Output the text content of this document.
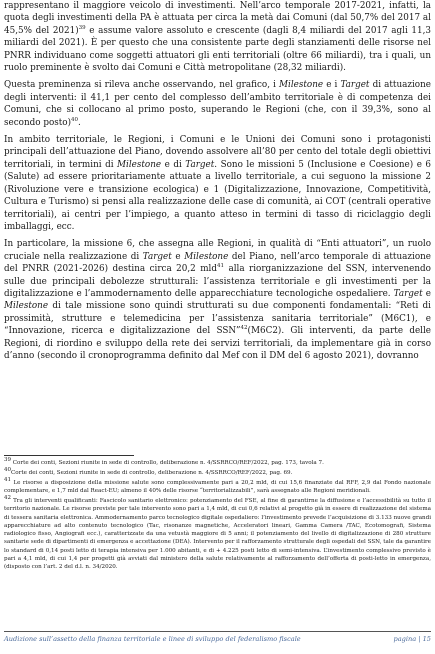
rappresentano il maggiore veicolo di investimenti. Nell’arco temporale 2017-2021, infatti, la quota degli investimenti della PA è attuata per circa la metà dai Comuni (dal 50,7% del 2017 al 45,5% del 2021)$^{39}$ e assume valore assoluto e crescente (dagli 8,4 miliardi del 2017 agli 11,3 miliardi del 2021). È per questo che una consistente parte degli stanziamenti delle risorse nel PNRR individuano come soggetti attuatori gli enti territoriali (oltre 66 miliardi), tra i quali, un ruolo preminente è svolto dai Comuni e Città metropolitane (28,32 miliardi).

Questa preminenza si rileva anche osservando, nel grafico, i Milestone e i Target di attuazione degli interventi: il 41,1 per cento del complesso dell’ambito territoriale è di competenza dei Comuni, che si collocano al primo posto, superando le Regioni (che, con il 39,3%, sono al secondo posto)$^{40}$.

In ambito territoriale, le Regioni, i Comuni e le Unioni dei Comuni sono i protagonisti principali dell’attuazione del Piano, dovendo assolvere all’80 per cento del totale degli obiettivi territoriali, in termini di Milestone e di Target. Sono le missioni 5 (Inclusione e Coesione) e 6 (Salute) ad essere prioritariamente attuate a livello territoriale, a cui seguono la missione 2 (Rivoluzione vere e transizione ecologica) e 1 (Digitalizzazione, Innovazione, Competitività, Cultura e Turismo) si pensi alla realizzazione delle case di comunità, ai COT (centrali operative territoriali), ai centri per l’impiego, a quanto atteso in termini di tasso di riciclaggio degli imballaggi, ecc.

In particolare, la missione 6, che assegna alle Regioni, in qualità di “Enti attuatori”, un ruolo cruciale nella realizzazione di Target e Milestone del Piano, nell’arco temporale di attuazione del PNRR (2021-2026) destina circa 20,2 mld$^{41}$ alla riorganizzazione del SSN, intervenendo sulle due principali debolezze strutturali: l’assistenza territoriale e gli investimenti per la digitalizzazione e l’ammodernamento delle apparecchiature tecnologiche ospedaliere. Target e Milestone di tale missione sono quindi strutturati su due componenti fondamentali: “Reti di prossimità, strutture e telemedicina per l’assistenza sanitaria territoriale” (M6C1), e “Innovazione, ricerca e digitalizzazione del SSN”$^{42}$(M6C2). Gli interventi, da parte delle Regioni, di riordino e sviluppo della rete dei servizi territoriali, da implementare già in corso d’anno (secondo il cronoprogramma definito dal Mef con il DM del 6 agosto 2021), dovranno

$^{39}$ Corte dei conti, Sezioni riunite in sede di controllo, deliberazione n. 4/SSRRCO/REF/2022, pag. 173, tavola 7.

$^{40}$Corte dei conti, Sezioni riunite in sede di controllo, deliberazione n. 4/SSRRCO/REF/2022, pag. 69.

$^{41}$ Le risorse a disposizione della missione salute sono complessivamente pari a 20,2 mld, di cui 15,6 finanziate dal RFF, 2,9 dal Fondo nazionale complementare, e 1,7 mld dal React-EU; almeno il 40% delle risorse “territorializzabili”, sarà assegnato alle Regioni meridionali.

$^{42}$ Tra gli interventi qualificanti: Fascicolo sanitario elettronico: potenziamento del FSE, al fine di garantirne la diffusione e l’accessibilità su tutto il territorio nazionale. Le risorse previste per tale intervento sono pari a 1,4 mld, di cui 0,6 relativi al progetto già in essere di realizzazione del sistema di tessera sanitaria elettronica. Ammodernamento parco tecnologico digitale ospedaliero: l’investimento prevede l’acquisizione di 3.133 nuove grandi apparecchiature ad alto contenuto tecnologico (Tac, risonanze magnetiche, Acceleratori lineari, Gamma Camera /TAC, Ecotomografi, Sistema radiologico fisso, Angiografi ecc.), caratterizzate da una vetustà maggiore di 5 anni; il potenziamento del livello di digitalizzazione di 280 strutture sanitarie sede di dipartimenti di emergenza e accettazione (DEA). Intervento per il rafforzamento strutturale degli ospedali del SSN, tale da garantire lo standard di 0,14 posti letto di terapia intensiva per 1.000 abitanti, e di + 4.225 posti letto di semi-intensiva. L’investimento complessivo previsto è pari a 4,1 mld, di cui 1,4 per progetti già avviati dal ministero della salute relativamente al rafforzamento dell’offerta di posti-letto in emergenza, (disposto con l’art. 2 del d.l. n. 34/2020.

Audizione sull’assetto della finanza territoriale e linee di sviluppo del federalismo fiscale	pagina | 15
